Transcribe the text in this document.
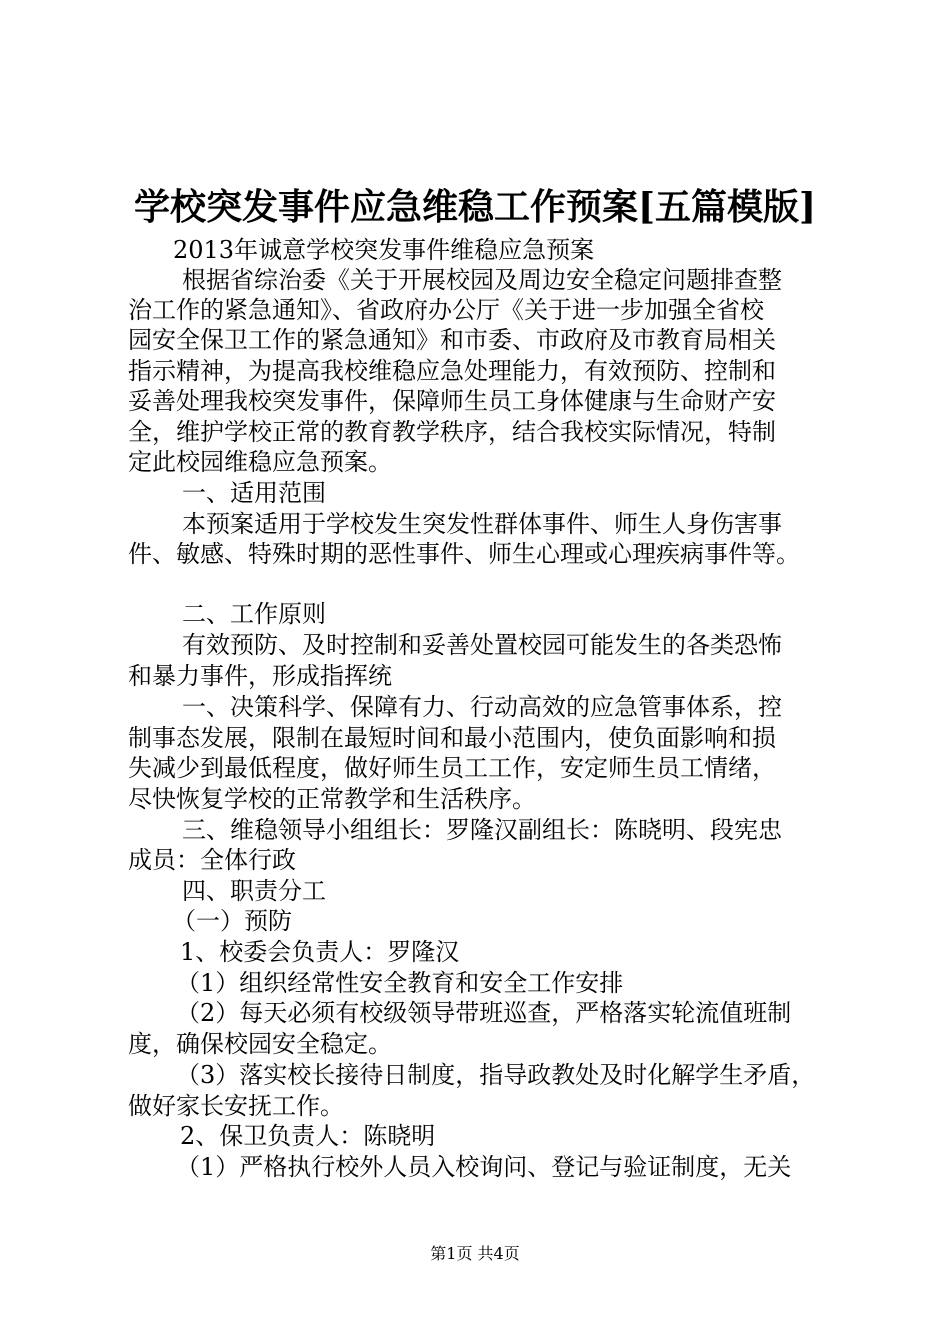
学校突发事件应急维稳工作预案[五篇模版]
2013年诚意学校突发事件维稳应急预案
根据省综治委《关于开展校园及周边安全稳定问题排查整
治工作的紧急通知》、省政府办公厅《关于进一步加强全省校
园安全保卫工作的紧急通知》和市委、市政府及市教育局相关
指示精神，为提高我校维稳应急处理能力，有效预防、控制和
妥善处理我校突发事件，保障师生员工身体健康与生命财产安
全，维护学校正常的教育教学秩序，结合我校实际情况，特制
定此校园维稳应急预案。
一、适用范围
本预案适用于学校发生突发性群体事件、师生人身伤害事
件、敏感、特殊时期的恶性事件、师生心理或心理疾病事件等。
二、工作原则
有效预防、及时控制和妥善处置校园可能发生的各类恐怖
和暴力事件，形成指挥统
一、决策科学、保障有力、行动高效的应急管事体系，控
制事态发展，限制在最短时间和最小范围内，使负面影响和损
失减少到最低程度，做好师生员工工作，安定师生员工情绪，
尽快恢复学校的正常教学和生活秩序。
三、维稳领导小组组长：罗隆汉副组长：陈晓明、段宪忠
成员：全体行政
四、职责分工
（一）预防
1、校委会负责人：罗隆汉
（1）组织经常性安全教育和安全工作安排
（2）每天必须有校级领导带班巡查，严格落实轮流值班制
度，确保校园安全稳定。
（3）落实校长接待日制度，指导政教处及时化解学生矛盾，
做好家长安抚工作。
2、保卫负责人：陈晓明
（1）严格执行校外人员入校询问、登记与验证制度，无关
第1页 共4页
